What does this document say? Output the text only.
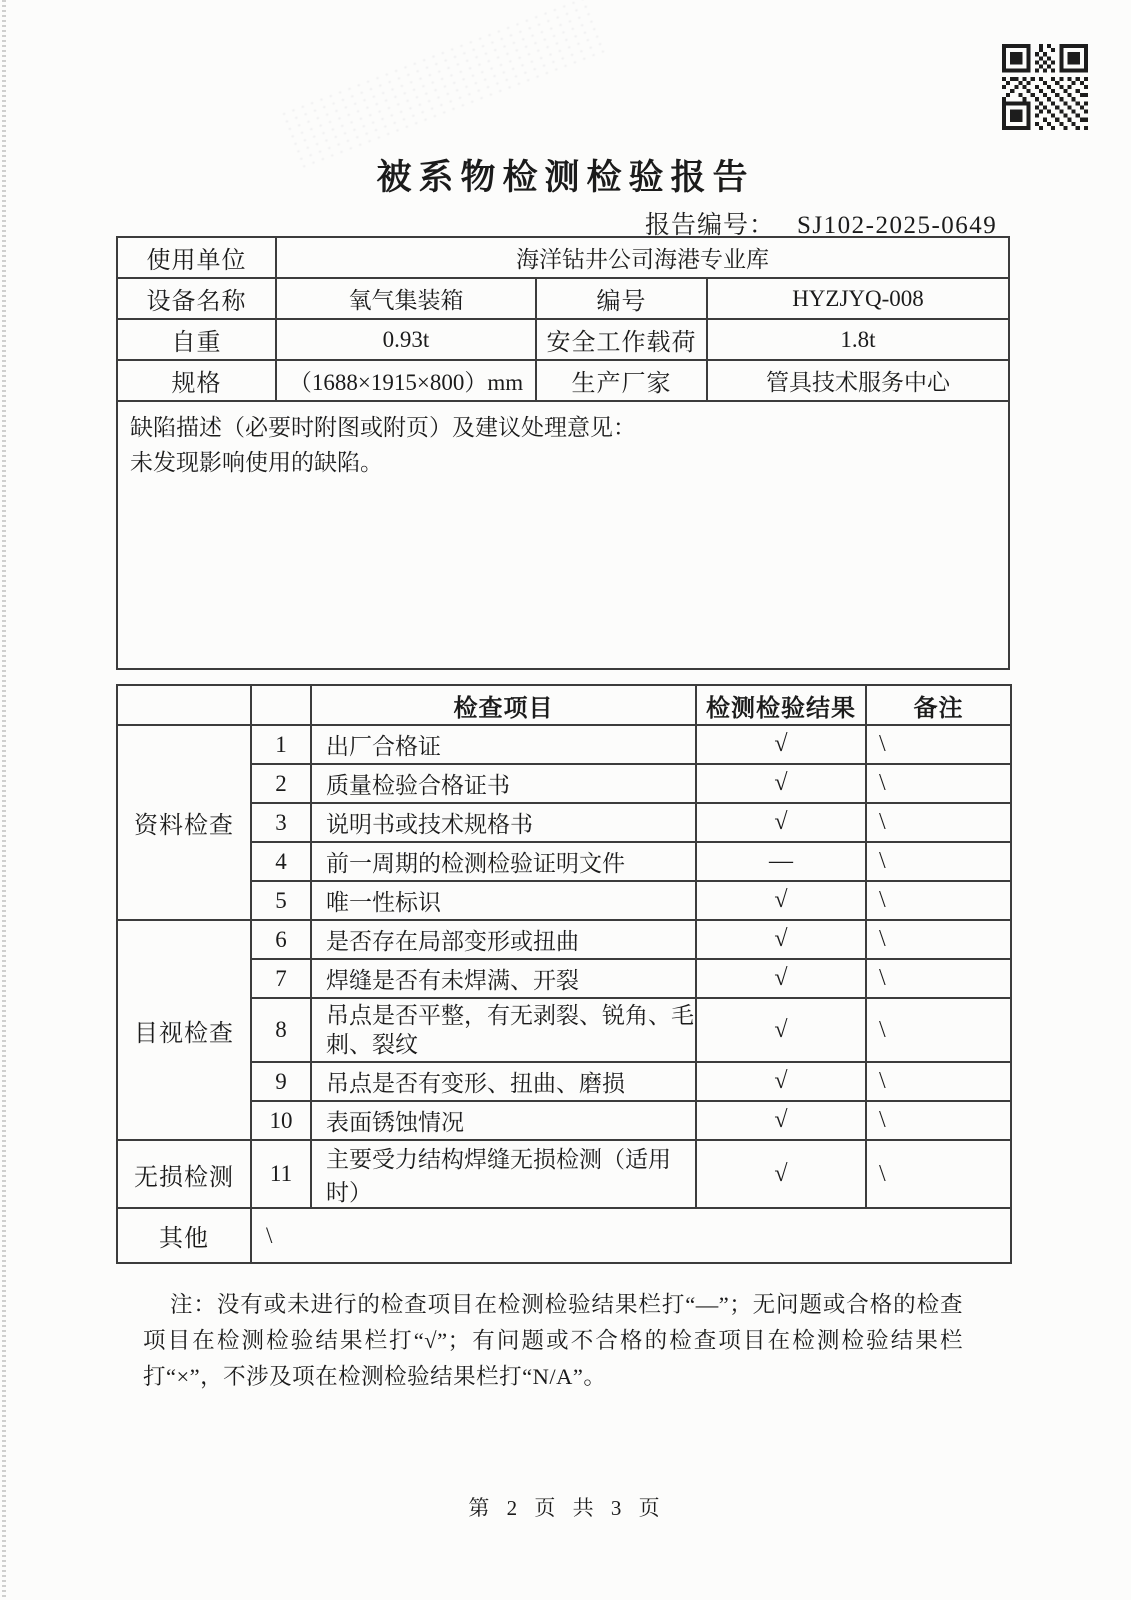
被系物检测检验报告
报告编号： SJ102-2025-0649
使用单位	海洋钻井公司海港专业库		
设备名称	氧气集装箱	编号	HYZJYQ-008
自重	0.93t	安全工作载荷	1.8t
规格	（1688×1915×800）mm	生产厂家	管具技术服务中心

缺陷描述（必要时附图或附页）及建议处理意见：
未发现影响使用的缺陷。			
		检查项目	检测检验结果	备注
资料检查	1	出厂合格证	√	\
	2	质量检验合格证书	√	\
	3	说明书或技术规格书	√	\
	4	前一周期的检测检验证明文件	—	\
	5	唯一性标识	√	\
目视检查	6	是否存在局部变形或扭曲	√	\
	7	焊缝是否有未焊满、开裂	√	\
	8	吊点是否平整，有无剥裂、锐角、毛刺、裂纹	√	\
	9	吊点是否有变形、扭曲、磨损	√	\
	10	表面锈蚀情况	√	\
无损检测	11	主要受力结构焊缝无损检测（适用时）	√	\
其他	\			
注：没有或未进行的检查项目在检测检验结果栏打“—”；无问题或合格的检查项目在检测检验结果栏打“√”；有问题或不合格的检查项目在检测检验结果栏打“×”，不涉及项在检测检验结果栏打“N/A”。
第 2 页 共 3 页
